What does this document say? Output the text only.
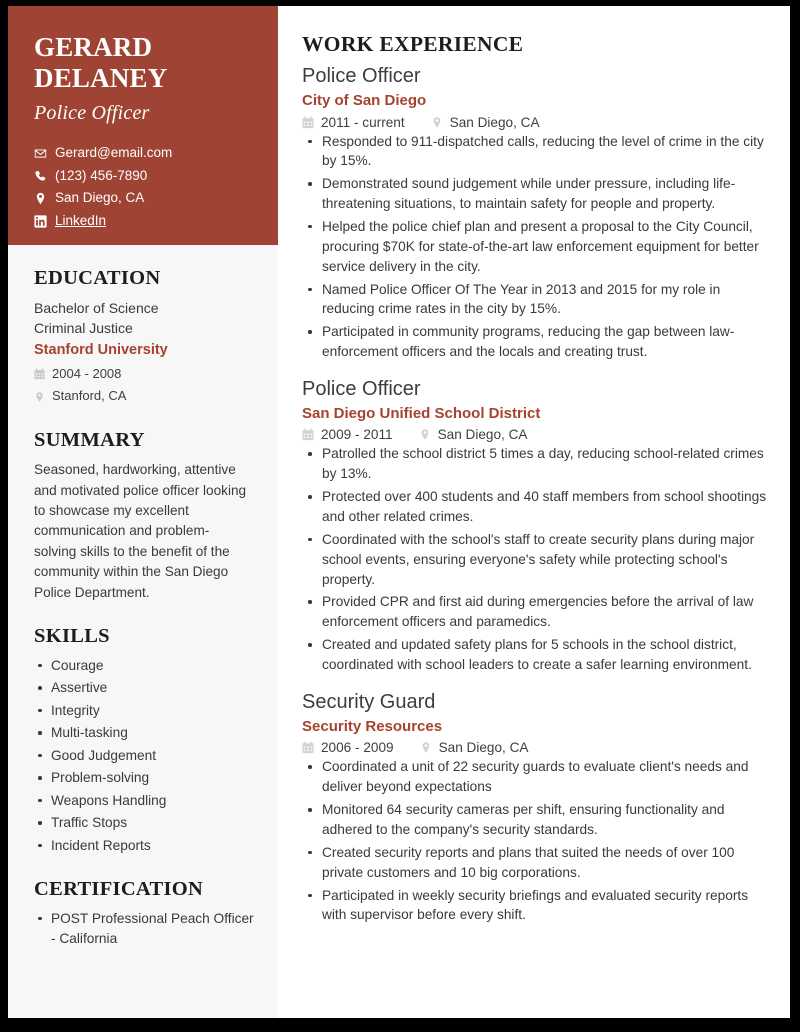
GERARD DELANEY
Police Officer
Gerard@email.com
(123) 456-7890
San Diego, CA
LinkedIn
EDUCATION
Bachelor of Science
Criminal Justice
Stanford University
2004 - 2008
Stanford, CA
SUMMARY

Seasoned, hardworking, attentive and motivated police officer looking to showcase my excellent communication and problem- solving skills to the benefit of the community within the San Diego Police Department.

SKILLS
Courage
Assertive
Integrity
Multi-tasking
Good Judgement
Problem-solving
Weapons Handling
Traffic Stops
Incident Reports
CERTIFICATION
POST Professional Peach Officer - California
WORK EXPERIENCE
Police Officer
City of San Diego
2011 - current	San Diego, CA
Responded to 911-dispatched calls, reducing the level of crime in the city by 15%.
Demonstrated sound judgement while under pressure, including life-threatening situations, to maintain safety for people and property.
Helped the police chief plan and present a proposal to the City Council, procuring $70K for state-of-the-art law enforcement equipment for better service delivery in the city.
Named Police Officer Of The Year in 2013 and 2015 for my role in reducing crime rates in the city by 15%.
Participated in community programs, reducing the gap between law-enforcement officers and the locals and creating trust.
Police Officer
San Diego Unified School District
2009 - 2011	San Diego, CA
Patrolled the school district 5 times a day, reducing school-related crimes by 13%.
Protected over 400 students and 40 staff members from school shootings and other related crimes.
Coordinated with the school's staff to create security plans during major school events, ensuring everyone's safety while protecting school's property.
Provided CPR and first aid during emergencies before the arrival of law enforcement officers and paramedics.
Created and updated safety plans for 5 schools in the school district, coordinated with school leaders to create a safer learning environment.
Security Guard
Security Resources
2006 - 2009	San Diego, CA
Coordinated a unit of 22 security guards to evaluate client's needs and deliver beyond expectations
Monitored 64 security cameras per shift, ensuring functionality and adhered to the company's security standards.
Created security reports and plans that suited the needs of over 100 private customers and 10 big corporations.
Participated in weekly security briefings and evaluated security reports with supervisor before every shift.
